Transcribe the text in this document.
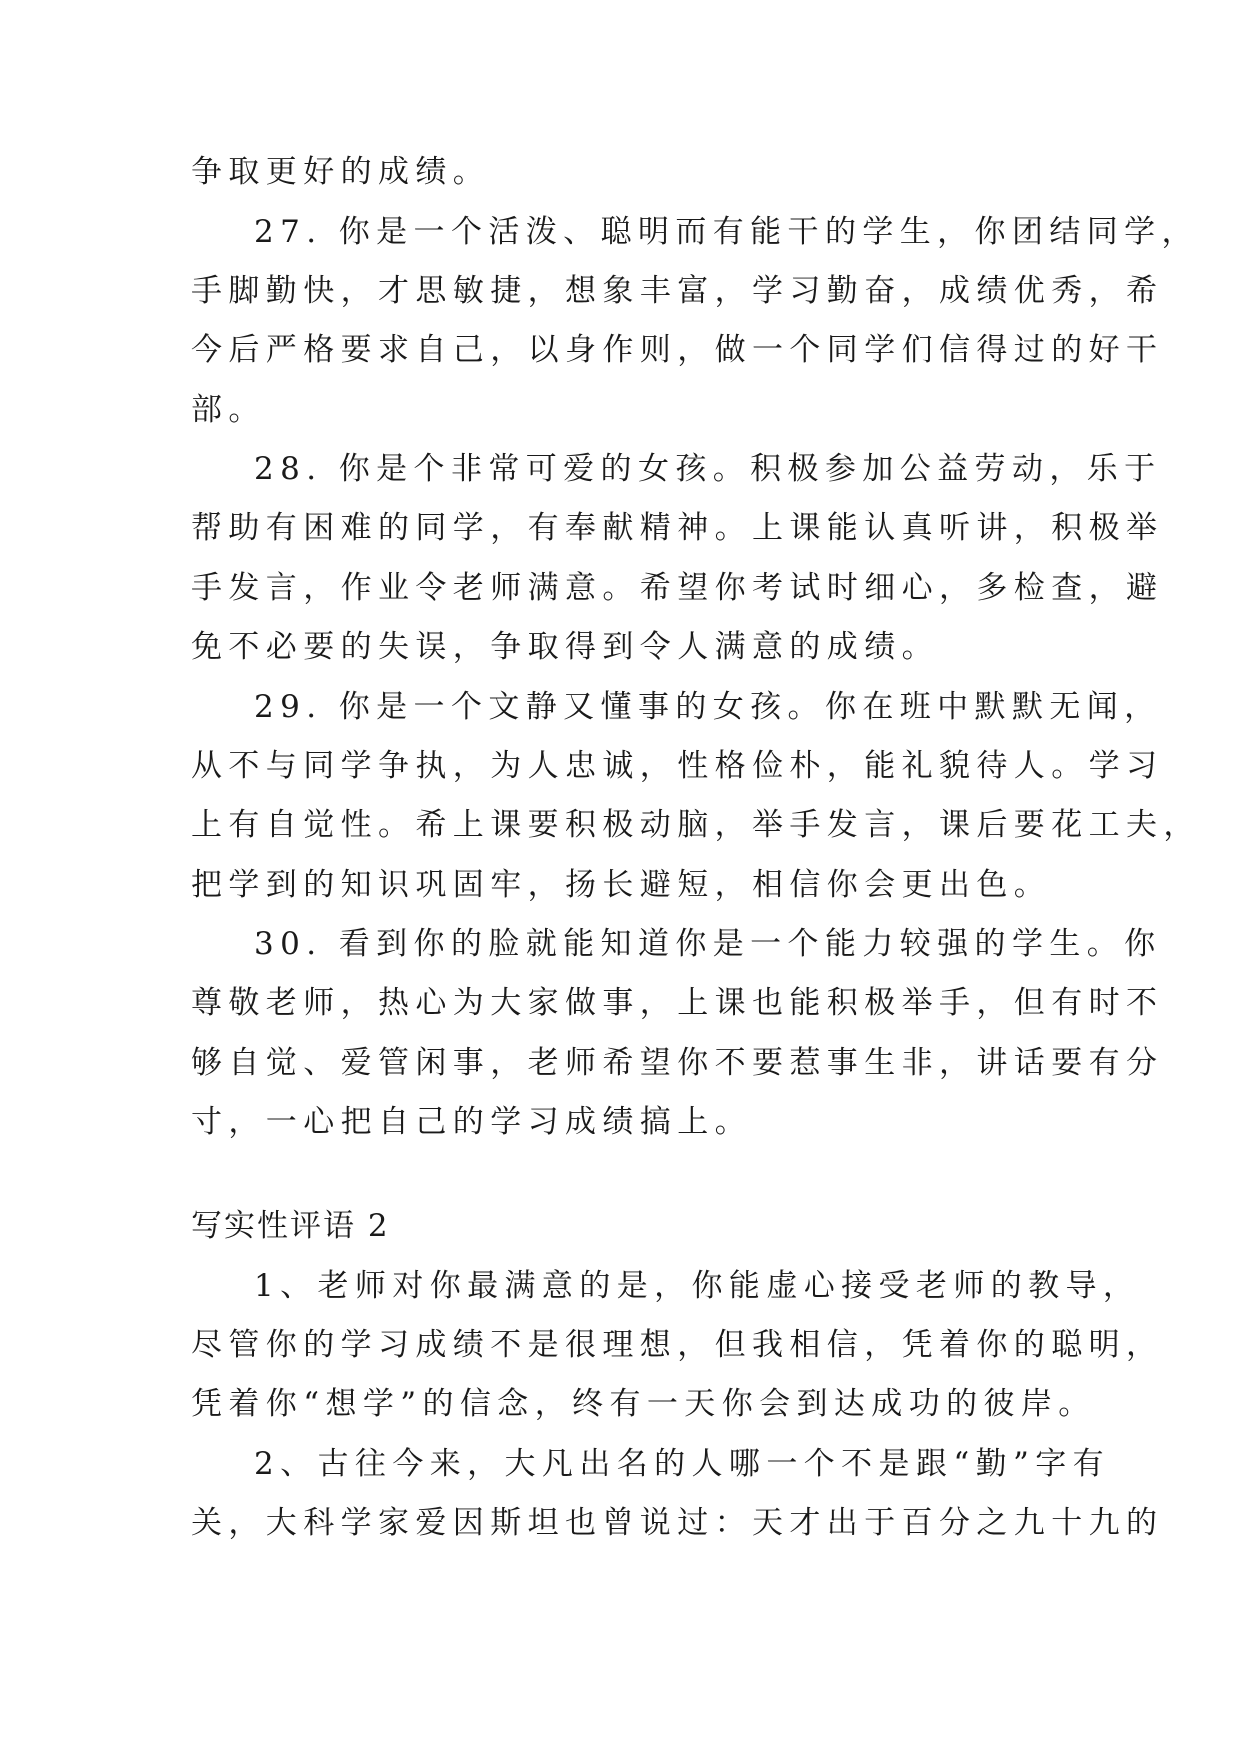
争取更好的成绩。
27. 你是一个活泼、聪明而有能干的学生，你团结同学，
手脚勤快，才思敏捷，想象丰富，学习勤奋，成绩优秀，希
今后严格要求自己，以身作则，做一个同学们信得过的好干
部。
28. 你是个非常可爱的女孩。积极参加公益劳动，乐于
帮助有困难的同学，有奉献精神。上课能认真听讲，积极举
手发言，作业令老师满意。希望你考试时细心，多检查，避
免不必要的失误，争取得到令人满意的成绩。
29. 你是一个文静又懂事的女孩。你在班中默默无闻，
从不与同学争执，为人忠诚，性格俭朴，能礼貌待人。学习
上有自觉性。希上课要积极动脑，举手发言，课后要花工夫，
把学到的知识巩固牢，扬长避短，相信你会更出色。
30. 看到你的脸就能知道你是一个能力较强的学生。你
尊敬老师，热心为大家做事，上课也能积极举手，但有时不
够自觉、爱管闲事，老师希望你不要惹事生非，讲话要有分
寸，一心把自己的学习成绩搞上。
写实性评语 2
1、老师对你最满意的是，你能虚心接受老师的教导，
尽管你的学习成绩不是很理想，但我相信，凭着你的聪明，
凭着你“想学”的信念，终有一天你会到达成功的彼岸。
2、古往今来，大凡出名的人哪一个不是跟“勤”字有
关，大科学家爱因斯坦也曾说过：天才出于百分之九十九的
